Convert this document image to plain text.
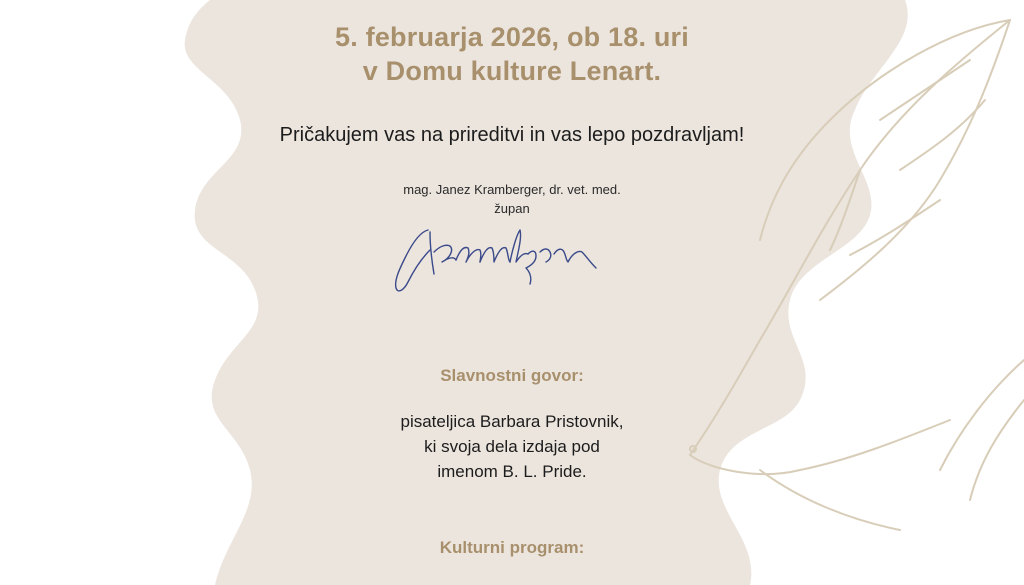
5. februarja 2026, ob 18. uri
v Domu kulture Lenart.
Pričakujem vas na prireditvi in vas lepo pozdravljam!
mag. Janez Kramberger, dr. vet. med.
župan
Slavnostni govor:
pisateljica Barbara Pristovnik,
ki svoja dela izdaja pod
imenom B. L. Pride.
Kulturni program:
